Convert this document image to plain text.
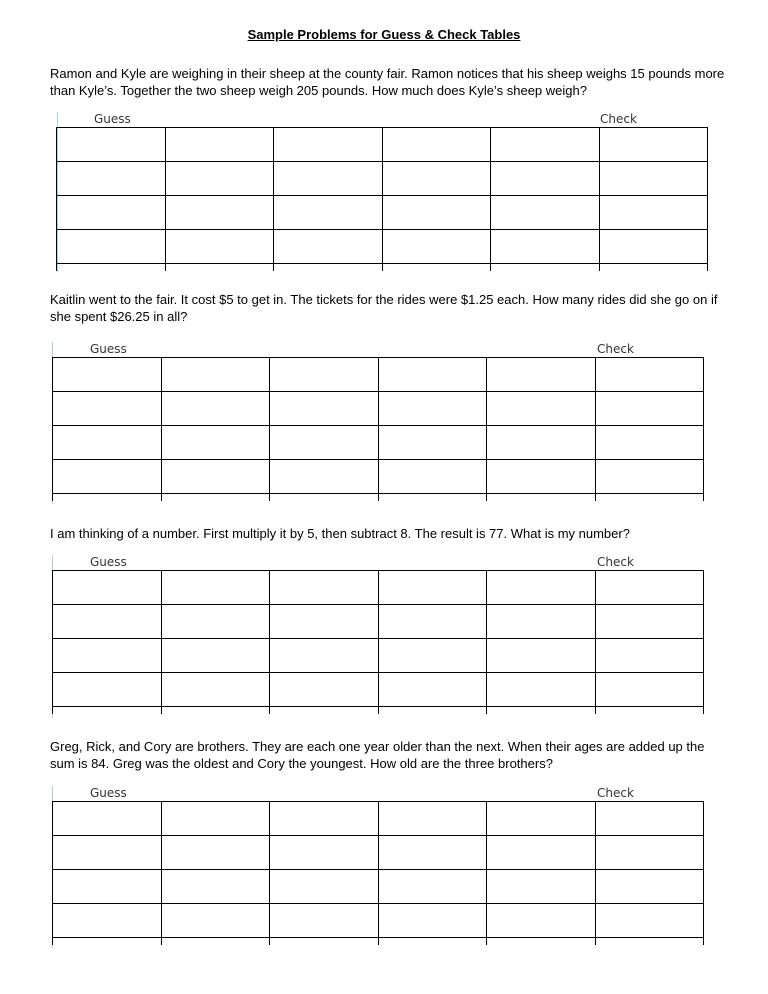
Sample Problems for Guess & Check Tables
Ramon and Kyle are weighing in their sheep at the county fair. Ramon notices that his sheep weighs 15 pounds more than Kyle’s. Together the two sheep weigh 205 pounds. How much does Kyle’s sheep weigh?
Guess	Check
Kaitlin went to the fair. It cost $5 to get in. The tickets for the rides were $1.25 each. How many rides did she go on if she spent $26.25 in all?
Guess	Check
I am thinking of a number. First multiply it by 5, then subtract 8. The result is 77. What is my number?
Guess	Check
Greg, Rick, and Cory are brothers. They are each one year older than the next. When their ages are added up the sum is 84. Greg was the oldest and Cory the youngest. How old are the three brothers?
Guess	Check
